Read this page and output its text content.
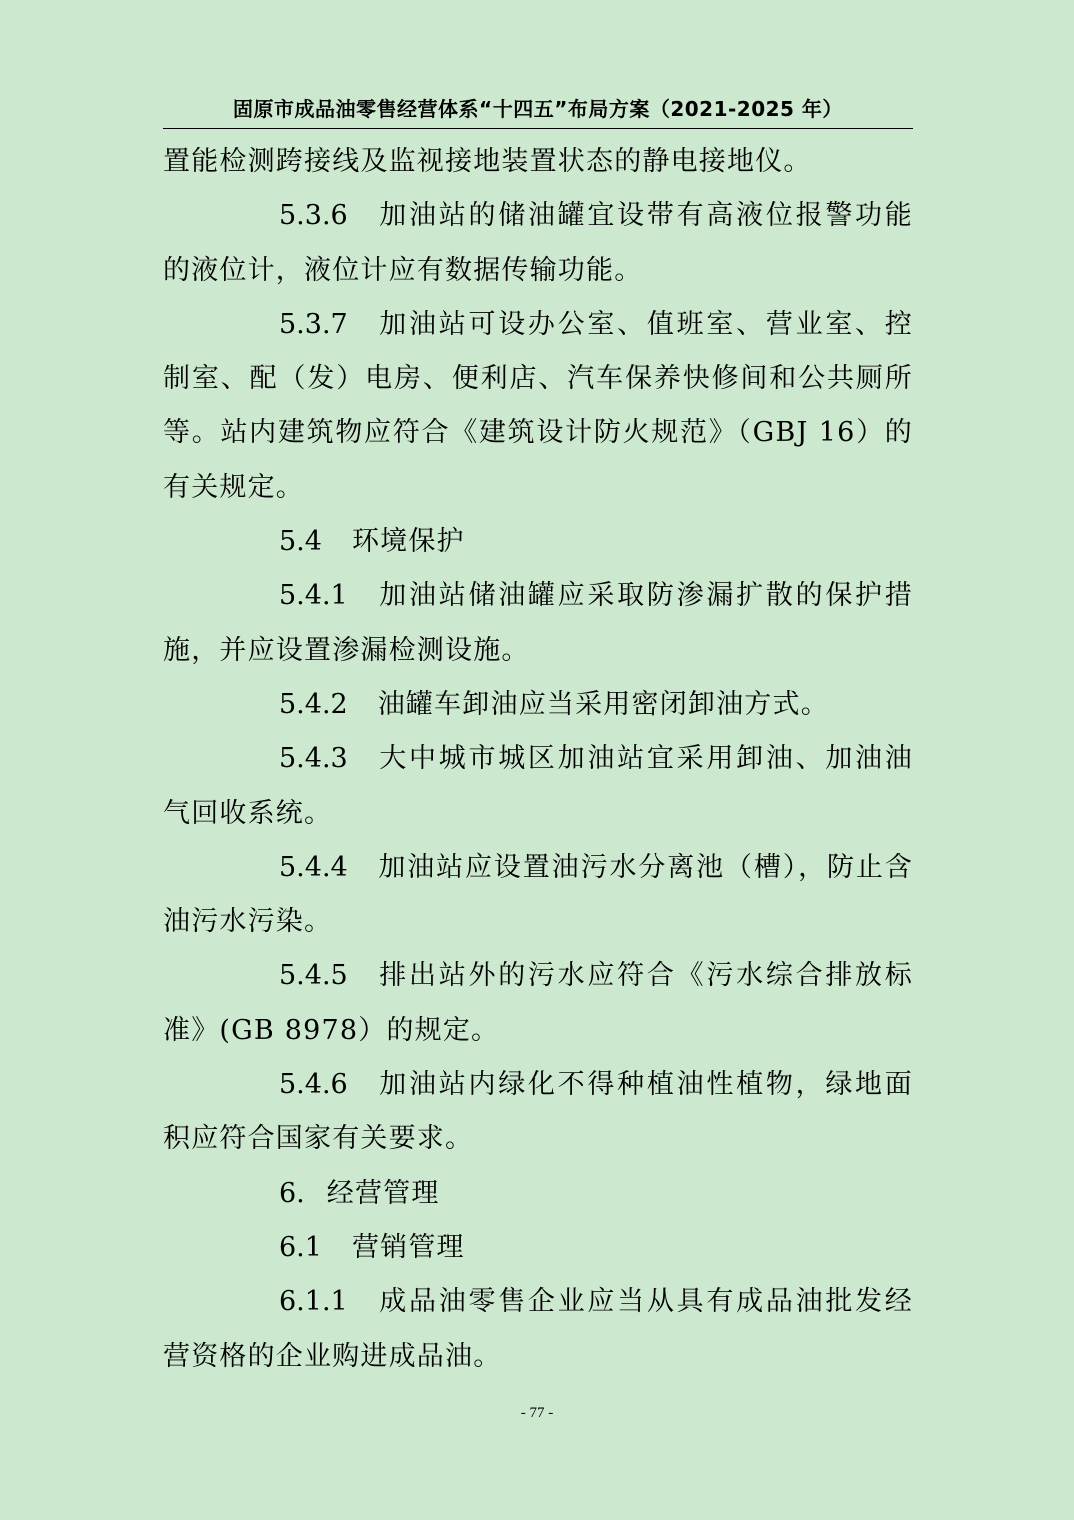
固原市成品油零售经营体系“十四五”布局方案（2021-2025 年）

置能检测跨接线及监视接地装置状态的静电接地仪。

5.3.6 加油站的储油罐宜设带有高液位报警功能的液位计，液位计应有数据传输功能。

5.3.7 加油站可设办公室、值班室、营业室、控制室、配（发）电房、便利店、汽车保养快修间和公共厕所等。站内建筑物应符合《建筑设计防火规范》（GBJ 16）的有关规定。

5.4 环境保护

5.4.1 加油站储油罐应采取防渗漏扩散的保护措施，并应设置渗漏检测设施。

5.4.2 油罐车卸油应当采用密闭卸油方式。

5.4.3 大中城市城区加油站宜采用卸油、加油油气回收系统。

5.4.4 加油站应设置油污水分离池（槽），防止含油污水污染。

5.4.5 排出站外的污水应符合《污水综合排放标准》(GB 8978）的规定。

5.4.6 加油站内绿化不得种植油性植物，绿地面积应符合国家有关要求。

6. 经营管理

6.1 营销管理

6.1.1 成品油零售企业应当从具有成品油批发经营资格的企业购进成品油。

- 77 -
